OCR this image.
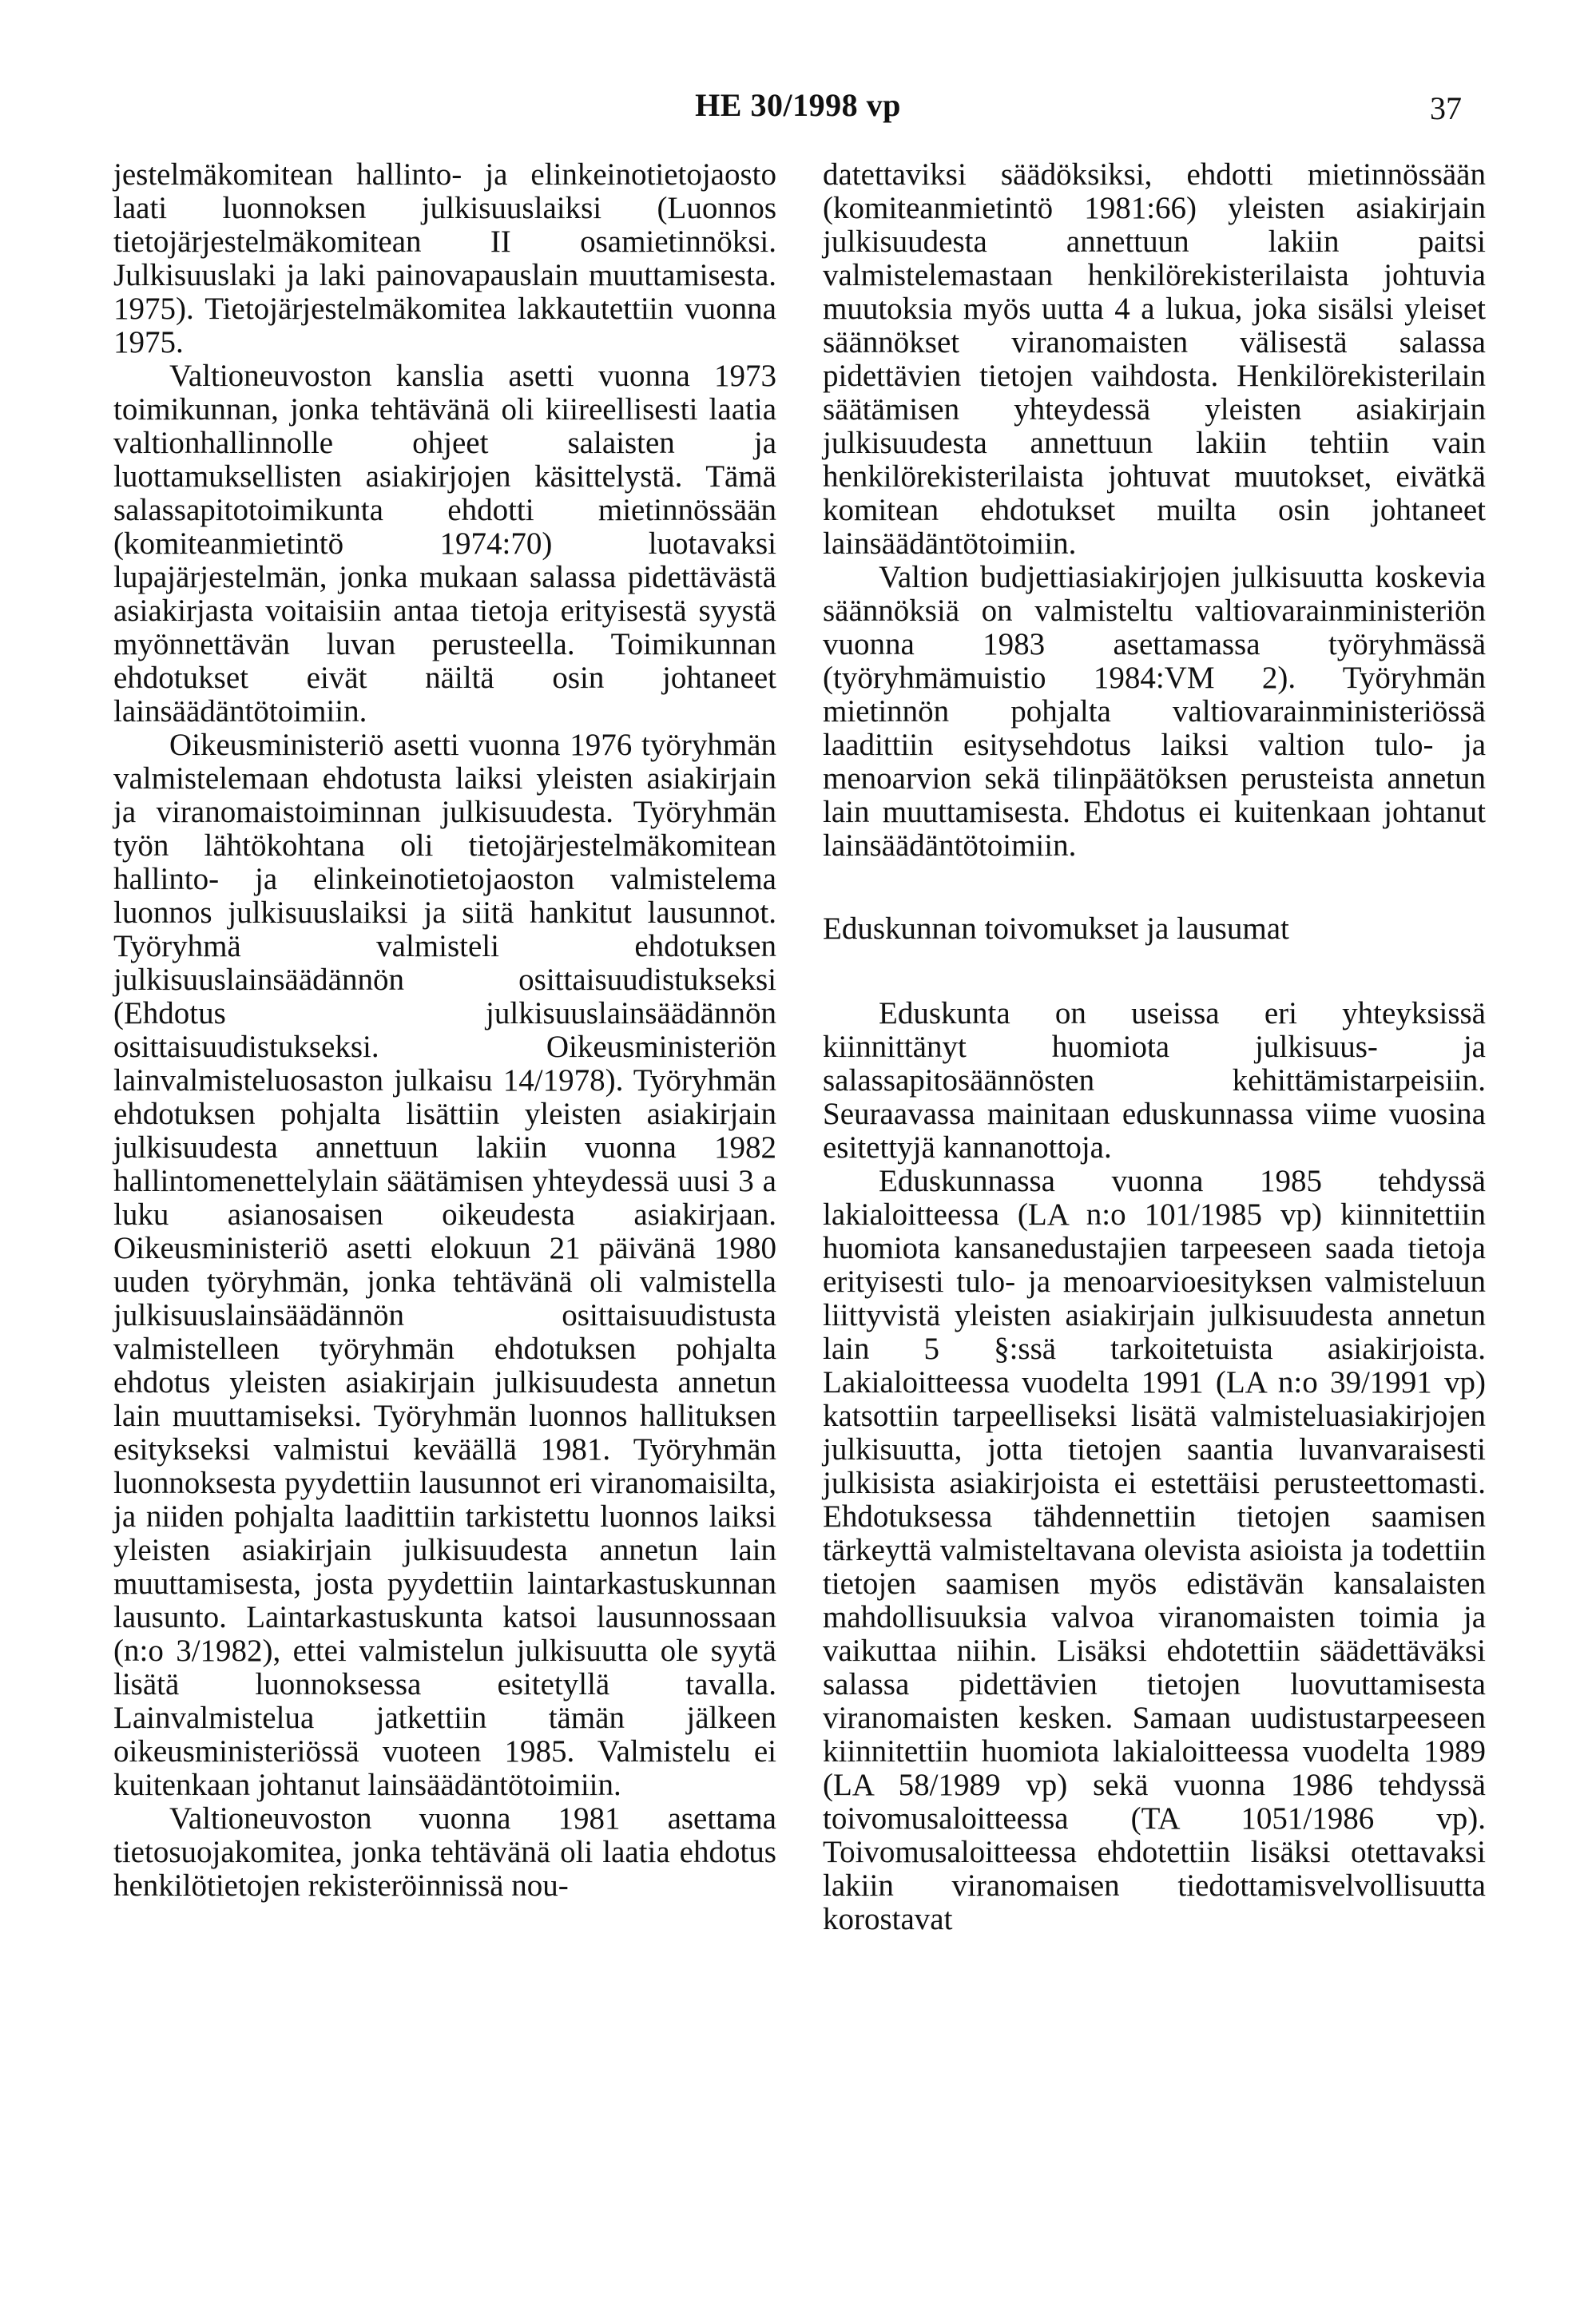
HE 30/1998 vp	37

jestelmäkomitean hallinto- ja elinkeinotietojaosto laati luonnoksen julkisuuslaiksi (Luonnos tietojärjestelmäkomitean II osamietinnöksi. Julkisuuslaki ja laki painovapauslain muuttamisesta. 1975). Tietojärjestelmäkomitea lakkautettiin vuonna 1975.

Valtioneuvoston kanslia asetti vuonna 1973 toimikunnan, jonka tehtävänä oli kiireellisesti laatia valtionhallinnolle ohjeet salaisten ja luottamuksellisten asiakirjojen käsittelystä. Tämä salassapitotoimikunta ehdotti mietinnössään (komiteanmietintö 1974:70) luotavaksi lupajärjestelmän, jonka mukaan salassa pidettävästä asiakirjasta voitaisiin antaa tietoja erityisestä syystä myönnettävän luvan perusteella. Toimikunnan ehdotukset eivät näiltä osin johtaneet lainsäädäntötoimiin.

Oikeusministeriö asetti vuonna 1976 työryhmän valmistelemaan ehdotusta laiksi yleisten asiakirjain ja viranomaistoiminnan julkisuudesta. Työryhmän työn lähtökohtana oli tietojärjestelmäkomitean hallinto- ja elinkeinotietojaoston valmistelema luonnos julkisuuslaiksi ja siitä hankitut lausunnot. Työryhmä valmisteli ehdotuksen julkisuuslainsäädännön osittaisuudistukseksi (Ehdotus julkisuuslainsäädännön osittaisuudistukseksi. Oikeusministeriön lainvalmisteluosaston julkaisu 14/1978). Työryhmän ehdotuksen pohjalta lisättiin yleisten asiakirjain julkisuudesta annettuun lakiin vuonna 1982 hallintomenettelylain säätämisen yhteydessä uusi 3 a luku asianosaisen oikeudesta asiakirjaan. Oikeusministeriö asetti elokuun 21 päivänä 1980 uuden työryhmän, jonka tehtävänä oli valmistella julkisuuslainsäädännön osittaisuudistusta valmistelleen työryhmän ehdotuksen pohjalta ehdotus yleisten asiakirjain julkisuudesta annetun lain muuttamiseksi. Työryhmän luonnos hallituksen esitykseksi valmistui keväällä 1981. Työryhmän luonnoksesta pyydettiin lausunnot eri viranomaisilta, ja niiden pohjalta laadittiin tarkistettu luonnos laiksi yleisten asiakirjain julkisuudesta annetun lain muuttamisesta, josta pyydettiin laintarkastuskunnan lausunto. Laintarkastuskunta katsoi lausunnossaan (n:o 3/1982), ettei valmistelun julkisuutta ole syytä lisätä luonnoksessa esitetyllä tavalla. Lainvalmistelua jatkettiin tämän jälkeen oikeusministeriössä vuoteen 1985. Valmistelu ei kuitenkaan johtanut lainsäädäntötoimiin.

Valtioneuvoston vuonna 1981 asettama tietosuojakomitea, jonka tehtävänä oli laatia ehdotus henkilötietojen rekisteröinnissä nou-

datettaviksi säädöksiksi, ehdotti mietinnössään (komiteanmietintö 1981:66) yleisten asiakirjain julkisuudesta annettuun lakiin paitsi valmistelemastaan henkilörekisterilaista johtuvia muutoksia myös uutta 4 a lukua, joka sisälsi yleiset säännökset viranomaisten välisestä salassa pidettävien tietojen vaihdosta. Henkilörekisterilain säätämisen yhteydessä yleisten asiakirjain julkisuudesta annettuun lakiin tehtiin vain henkilörekisterilaista johtuvat muutokset, eivätkä komitean ehdotukset muilta osin johtaneet lainsäädäntötoimiin.

Valtion budjettiasiakirjojen julkisuutta koskevia säännöksiä on valmisteltu valtiovarainministeriön vuonna 1983 asettamassa työryhmässä (työryhmämuistio 1984:VM 2). Työryhmän mietinnön pohjalta valtiovarainministeriössä laadittiin esitysehdotus laiksi valtion tulo- ja menoarvion sekä tilinpäätöksen perusteista annetun lain muuttamisesta. Ehdotus ei kuitenkaan johtanut lainsäädäntötoimiin.

Eduskunnan toivomukset ja lausumat

Eduskunta on useissa eri yhteyksissä kiinnittänyt huomiota julkisuus- ja salassapitosäännösten kehittämistarpeisiin. Seuraavassa mainitaan eduskunnassa viime vuosina esitettyjä kannanottoja.

Eduskunnassa vuonna 1985 tehdyssä lakialoitteessa (LA n:o 101/1985 vp) kiinnitettiin huomiota kansanedustajien tarpeeseen saada tietoja erityisesti tulo- ja menoarvioesityksen valmisteluun liittyvistä yleisten asiakirjain julkisuudesta annetun lain 5 §:ssä tarkoitetuista asiakirjoista. Lakialoitteessa vuodelta 1991 (LA n:o 39/1991 vp) katsottiin tarpeelliseksi lisätä valmisteluasiakirjojen julkisuutta, jotta tietojen saantia luvanvaraisesti julkisista asiakirjoista ei estettäisi perusteettomasti. Ehdotuksessa tähdennettiin tietojen saamisen tärkeyttä valmisteltavana olevista asioista ja todettiin tietojen saamisen myös edistävän kansalaisten mahdollisuuksia valvoa viranomaisten toimia ja vaikuttaa niihin. Lisäksi ehdotettiin säädettäväksi salassa pidettävien tietojen luovuttamisesta viranomaisten kesken. Samaan uudistustarpeeseen kiinnitettiin huomiota lakialoitteessa vuodelta 1989 (LA 58/1989 vp) sekä vuonna 1986 tehdyssä toivomusaloitteessa (TA 1051/1986 vp). Toivomusaloitteessa ehdotettiin lisäksi otettavaksi lakiin viranomaisen tiedottamisvelvollisuutta korostavat
